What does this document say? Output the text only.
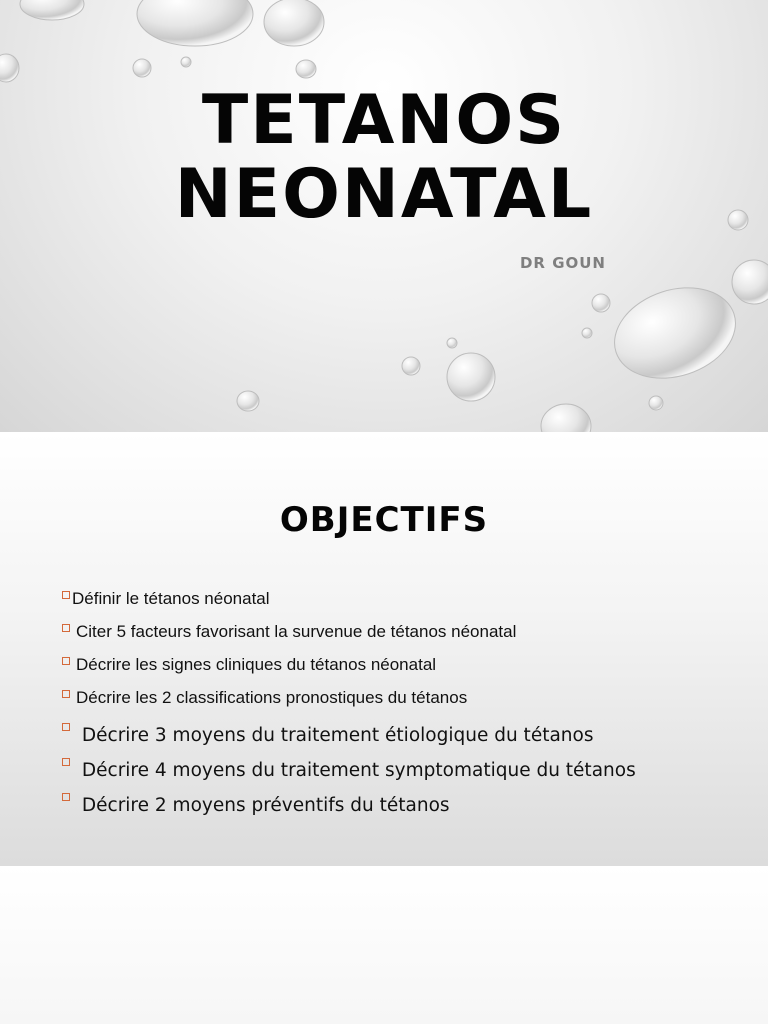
TETANOS
NEONATAL
DR GOUN
OBJECTIFS
Définir le tétanos néonatal
Citer 5 facteurs favorisant la survenue de tétanos néonatal
Décrire les signes cliniques du tétanos néonatal
Décrire les 2 classifications pronostiques du tétanos
Décrire 3 moyens du traitement étiologique du tétanos
Décrire 4 moyens du traitement symptomatique du tétanos
Décrire 2 moyens préventifs du tétanos
